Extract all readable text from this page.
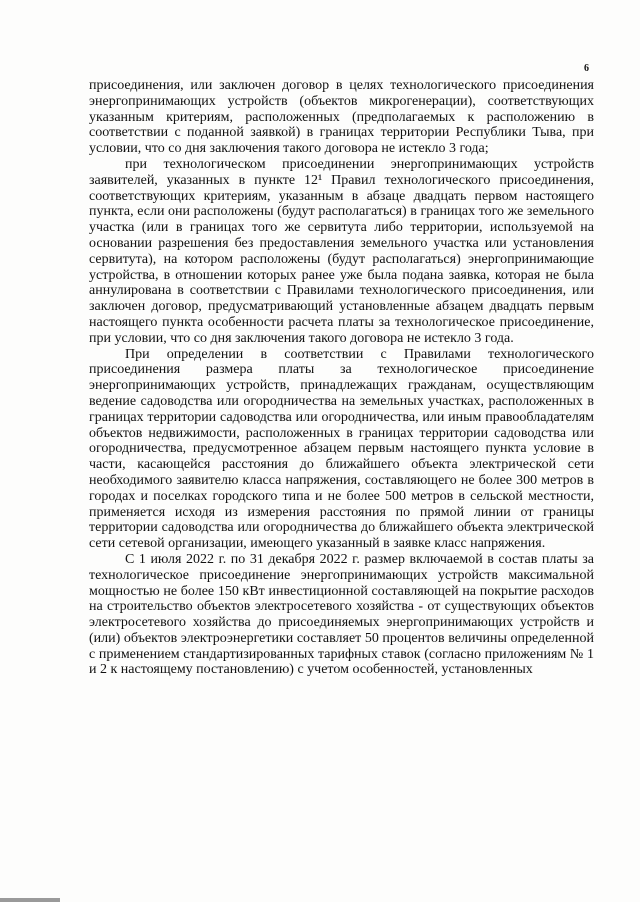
6

присоединения, или заключен договор в целях технологического присоединения энергопринимающих устройств (объектов микрогенерации), соответствующих указанным критериям, расположенных (предполагаемых к расположению в соответствии с поданной заявкой) в границах территории Республики Тыва, при условии, что со дня заключения такого договора не истекло 3 года;

при технологическом присоединении энергопринимающих устройств заявителей, указанных в пункте 12¹ Правил технологического присоединения, соответствующих критериям, указанным в абзаце двадцать первом настоящего пункта, если они расположены (будут располагаться) в границах того же земельного участка (или в границах того же сервитута либо территории, используемой на основании разрешения без предоставления земельного участка или установления сервитута), на котором расположены (будут располагаться) энергопринимающие устройства, в отношении которых ранее уже была подана заявка, которая не была аннулирована в соответствии с Правилами технологического присоединения, или заключен договор, предусматривающий установленные абзацем двадцать первым настоящего пункта особенности расчета платы за технологическое присоединение, при условии, что со дня заключения такого договора не истекло 3 года.

При определении в соответствии с Правилами технологического присоединения размера платы за технологическое присоединение энергопринимающих устройств, принадлежащих гражданам, осуществляющим ведение садоводства или огородничества на земельных участках, расположенных в границах территории садоводства или огородничества, или иным правообладателям объектов недвижимости, расположенных в границах территории садоводства или огородничества, предусмотренное абзацем первым настоящего пункта условие в части, касающейся расстояния до ближайшего объекта электрической сети необходимого заявителю класса напряжения, составляющего не более 300 метров в городах и поселках городского типа и не более 500 метров в сельской местности, применяется исходя из измерения расстояния по прямой линии от границы территории садоводства или огородничества до ближайшего объекта электрической сети сетевой организации, имеющего указанный в заявке класс напряжения.

С 1 июля 2022 г. по 31 декабря 2022 г. размер включаемой в состав платы за технологическое присоединение энергопринимающих устройств максимальной мощностью не более 150 кВт инвестиционной составляющей на покрытие расходов на строительство объектов электросетевого хозяйства - от существующих объектов электросетевого хозяйства до присоединяемых энергопринимающих устройств и (или) объектов электроэнергетики составляет 50 процентов величины определенной с применением стандартизированных тарифных ставок (согласно приложениям № 1 и 2 к настоящему постановлению) с учетом особенностей, установленных
